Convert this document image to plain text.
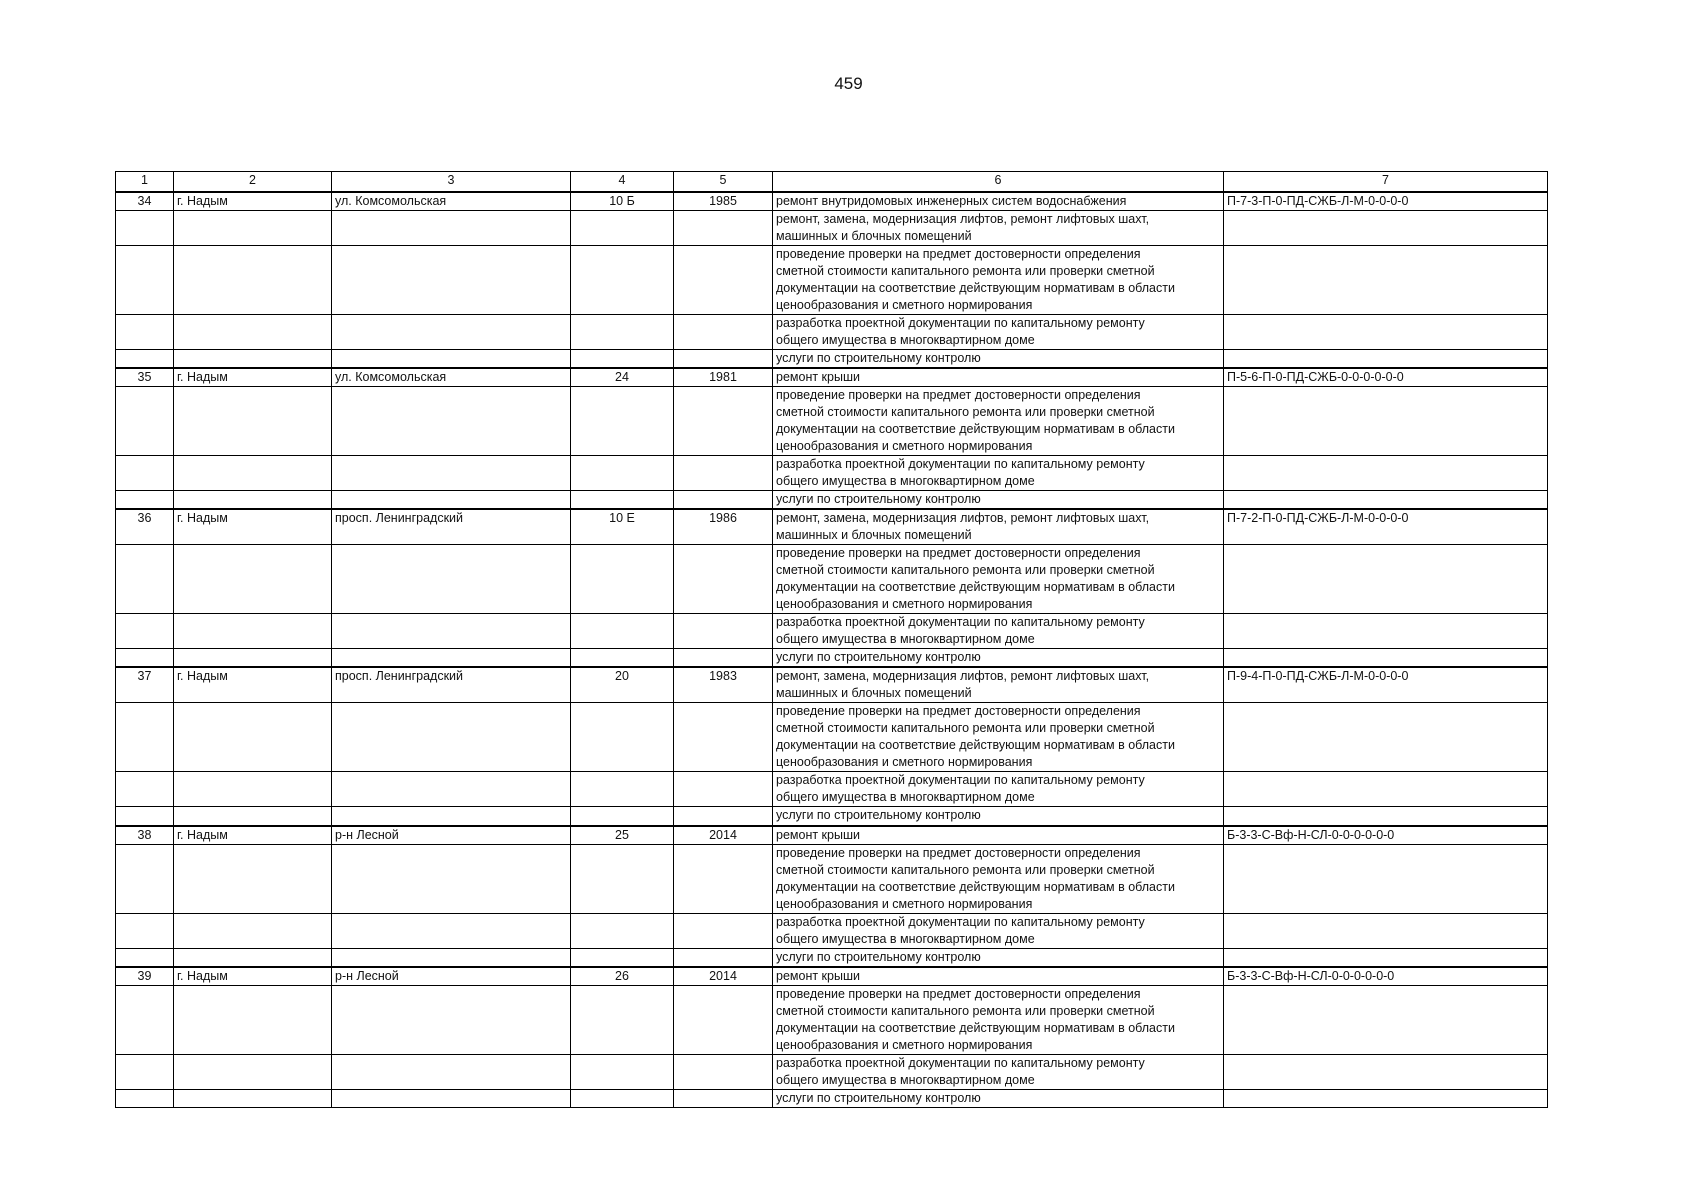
459
1	2	3	4	5	6	7
34	г. Надым	ул. Комсомольская	10 Б	1985	ремонт внутридомовых инженерных систем водоснабжения	П-7-3-П-0-ПД-СЖБ-Л-М-0-0-0-0
					ремонт, замена, модернизация лифтов, ремонт лифтовых шахт,
машинных и блочных помещений	
					проведение проверки на предмет достоверности определения
сметной стоимости капитального ремонта или проверки сметной
документации на соответствие действующим нормативам в области
ценообразования и сметного нормирования	
					разработка проектной документации по капитальному ремонту
общего имущества в многоквартирном доме	
					услуги по строительному контролю	
35	г. Надым	ул. Комсомольская	24	1981	ремонт крыши	П-5-6-П-0-ПД-СЖБ-0-0-0-0-0-0
					проведение проверки на предмет достоверности определения
сметной стоимости капитального ремонта или проверки сметной
документации на соответствие действующим нормативам в области
ценообразования и сметного нормирования	
					разработка проектной документации по капитальному ремонту
общего имущества в многоквартирном доме	
					услуги по строительному контролю	
36	г. Надым	просп. Ленинградский	10 Е	1986	ремонт, замена, модернизация лифтов, ремонт лифтовых шахт,
машинных и блочных помещений	П-7-2-П-0-ПД-СЖБ-Л-М-0-0-0-0
					проведение проверки на предмет достоверности определения
сметной стоимости капитального ремонта или проверки сметной
документации на соответствие действующим нормативам в области
ценообразования и сметного нормирования	
					разработка проектной документации по капитальному ремонту
общего имущества в многоквартирном доме	
					услуги по строительному контролю	
37	г. Надым	просп. Ленинградский	20	1983	ремонт, замена, модернизация лифтов, ремонт лифтовых шахт,
машинных и блочных помещений	П-9-4-П-0-ПД-СЖБ-Л-М-0-0-0-0
					проведение проверки на предмет достоверности определения
сметной стоимости капитального ремонта или проверки сметной
документации на соответствие действующим нормативам в области
ценообразования и сметного нормирования	
					разработка проектной документации по капитальному ремонту
общего имущества в многоквартирном доме	
					услуги по строительному контролю	
38	г. Надым	р-н Лесной	25	2014	ремонт крыши	Б-3-3-С-Вф-Н-СЛ-0-0-0-0-0-0
					проведение проверки на предмет достоверности определения
сметной стоимости капитального ремонта или проверки сметной
документации на соответствие действующим нормативам в области
ценообразования и сметного нормирования	
					разработка проектной документации по капитальному ремонту
общего имущества в многоквартирном доме	
					услуги по строительному контролю	
39	г. Надым	р-н Лесной	26	2014	ремонт крыши	Б-3-3-С-Вф-Н-СЛ-0-0-0-0-0-0
					проведение проверки на предмет достоверности определения
сметной стоимости капитального ремонта или проверки сметной
документации на соответствие действующим нормативам в области
ценообразования и сметного нормирования	
					разработка проектной документации по капитальному ремонту
общего имущества в многоквартирном доме	
					услуги по строительному контролю	
